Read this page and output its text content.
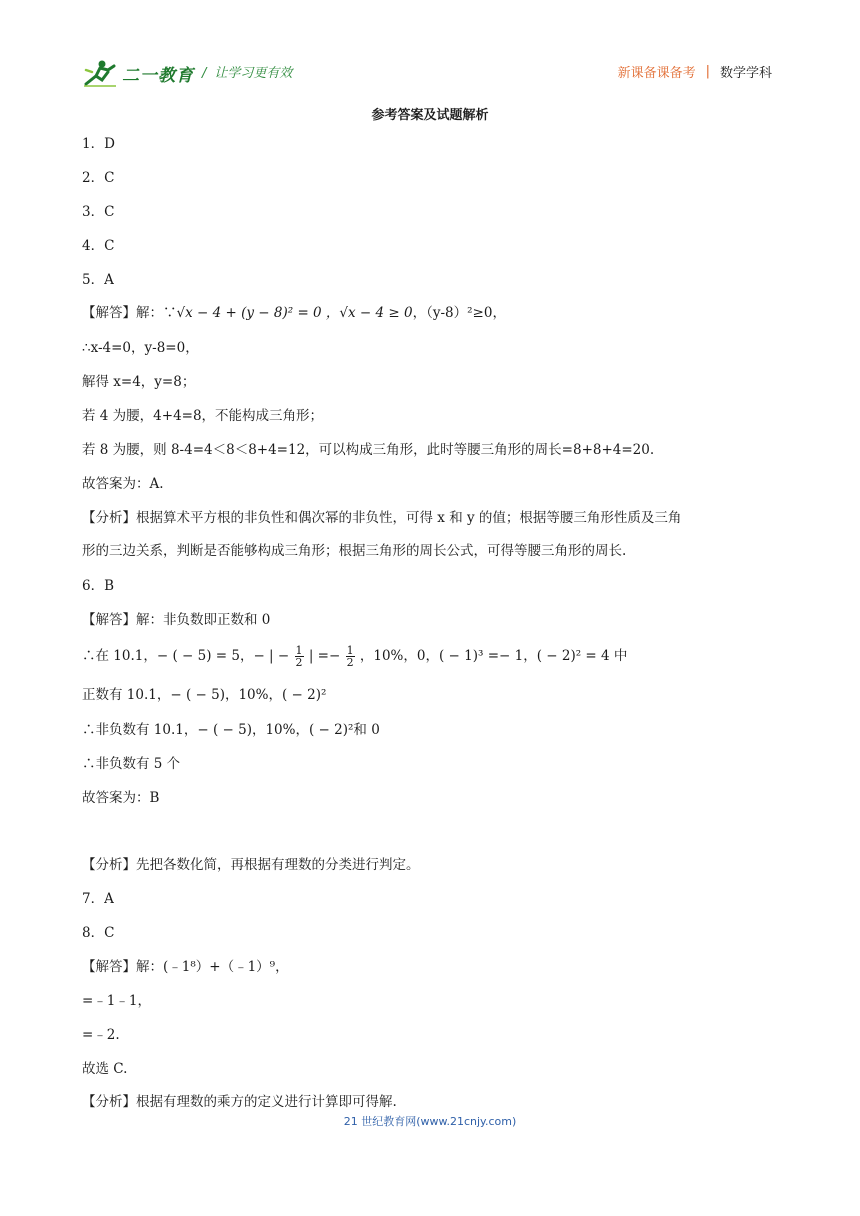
二一教育 / 让学习更有效	新课备课备考 | 数学学科
参考答案及试题解析
1．D
2．C
3．C
4．C
5．A
【解答】解：∵√x − 4 + (y − 8)² = 0 ，√x − 4 ≥ 0，（y-8）²≥0，
∴x-4=0，y-8=0，
解得 x=4，y=8；
若 4 为腰，4+4=8，不能构成三角形；
若 8 为腰，则 8-4=4＜8＜8+4=12，可以构成三角形，此时等腰三角形的周长=8+8+4=20.
故答案为：A.
【分析】根据算术平方根的非负性和偶次幂的非负性，可得 x 和 y 的值；根据等腰三角形性质及三角
形的三边关系，判断是否能够构成三角形；根据三角形的周长公式，可得等腰三角形的周长.
6．B
【解答】解：非负数即正数和 0
∴在 10.1，− ( − 5) = 5，− | − $\frac{1}{2}$ | =− $\frac{1}{2}$ ，10%，0，( − 1)³ =− 1，( − 2)² = 4 中
正数有 10.1，− ( − 5)，10%，( − 2)²
∴非负数有 10.1，− ( − 5)，10%，( − 2)²和 0
∴非负数有 5 个
故答案为：B
【分析】先把各数化简，再根据有理数的分类进行判定。
7．A
8．C
【解答】解：(﹣1⁸）+（﹣1）⁹，
=﹣1﹣1，
=﹣2.
故选 C.
【分析】根据有理数的乘方的定义进行计算即可得解.
21 世纪教育网(www.21cnjy.com)
